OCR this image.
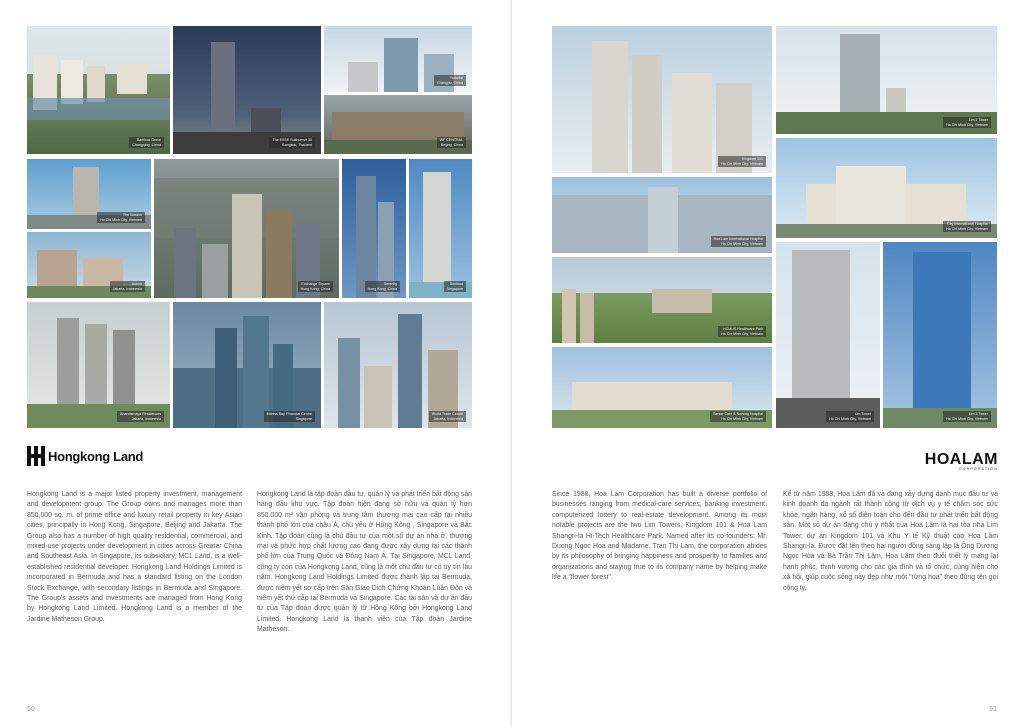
Bamboo Grove
Chongqing, China
The ESSE Sukhumvit 36
Bangkok, Thailand
Yorkville
Chengdu, China
WF CENTRAL
Beijing, China
The Nassim
Ho Chi Minh City, Vietnam
Avenir
Jakarta, Indonesia
Exchange Square
Hong Kong, China
Serenity
Hong Kong, China
Sentosa
Singapore
Anandamaya Residences
Jakarta, Indonesia
Marina Bay Financial Centre
Singapore
World Trade Centre
Jakarta, Indonesia
Hongkong Land

Hongkong Land is a major listed property investment, management and development group. The Group owns and manages more than 850,000 sq. m. of prime office and luxury retail property in key Asian cities, principally in Hong Kong, Singapore, Beijing and Jakarta. The Group also has a number of high quality residential, commercial, and mixed-use projects under development in cities across Greater China and Southeast Asia. In Singapore, its subsidiary, MCL Land, is a well-established residential developer. Hongkong Land Holdings Limited is incorporated in Bermuda and has a standard listing on the London Stock Exchange, with secondary listings in Bermuda and Singapore. The Group's assets and investments are managed from Hong Kong by Hongkong Land Limited. Hongkong Land is a member of the Jardine Matheson Group.

Hongkong Land là tập đoàn đầu tư, quản lý và phát triển bất động sản hàng đầu khu vực. Tập đoàn hiện đang sở hữu và quản lý hơn 850.000 m² văn phòng và trung tâm thương mại cao cấp tại nhiều thành phố lớn của châu Á, chủ yếu ở Hồng Kông , Singapore và Bắc Kinh. Tập đoàn cũng là chủ đầu tư của một số dự án nhà ở, thương mại và phức hợp chất lượng cao đang được xây dựng tại các thành phố lớn của Trung Quốc và Đông Nam Á. Tại Singapore, MCL Land, công ty con của Hongkong Land, cũng là một chủ đầu tư có uy tín lâu năm. Hongkong Land Holdings Limited được thành lập tại Bermuda, được niêm yết sơ cấp trên Sàn Giao Dịch Chứng Khoán Luân Đôn và niêm yết thứ cấp tại Bermuda và Singapore. Các tài sản và dự án đầu tư của Tập đoàn được quản lý từ Hồng Kông bởi Hongkong Land Limited. Hongkong Land là thành viên của Tập đoàn Jardine Matheson.

50
Kingdom 101
Ho Chi Minh City, Vietnam
Lim 2 Tower
Ho Chi Minh City, Vietnam
Hoa Lam International Hospital
Ho Chi Minh City, Vietnam
City International Hospital
Ho Chi Minh City, Vietnam
HCMUS Healthcare Park
Ho Chi Minh City, Vietnam
Senior Care & Nursing Hospital
Ho Chi Minh City, Vietnam
Lim Tower
Ho Chi Minh City, Vietnam
Lim 3 Tower
Ho Chi Minh City, Vietnam
HOALAM
CORPORATION

Since 1988, Hoa Lam Corporation has built a diverse portfolio of businesses ranging from medical-care services, banking investment, computerized lottery to real-estate development. Among its most notable projects are the two Lim Towers, Kingdom 101 & Hoa Lam Shangri-la Hi-Tech Healthcare Park. Named after its co-founders: Mr. Duong Ngoc Hoa and Madame. Tran Thi Lam, the corporation abides by its philosophy of bringing happiness and prosperity to families and organizations and staying true to its company name by helping make life a "flower forest".

Kể từ năm 1988, Hoa Lâm đã và đang xây dựng danh mục đầu tư và kinh doanh đa ngành rất thành công từ dịch vụ y tế chăm sóc sức khỏe, ngân hàng, xổ số điện toán cho đến đầu tư phát triển bất động sản. Một số dự án đáng chú ý nhất của Hoa Lâm là hai tòa nhà Lim Tower, dự án Kingdom 101 và Khu Y tế Kỹ thuật cao Hoa Lâm Shangri-la. Được đặt tên theo hai người đồng sáng lập là Ông Dương Ngọc Hòa và Bà Trần Thị Lâm, Hoa Lâm theo đuổi triết lý mang lại hạnh phúc, thịnh vượng cho các gia đình và tổ chức, cũng hiện cho xã hội, giúp cuộc sống này đẹp như một "rừng hoa" theo đúng tên gọi công ty.

51
